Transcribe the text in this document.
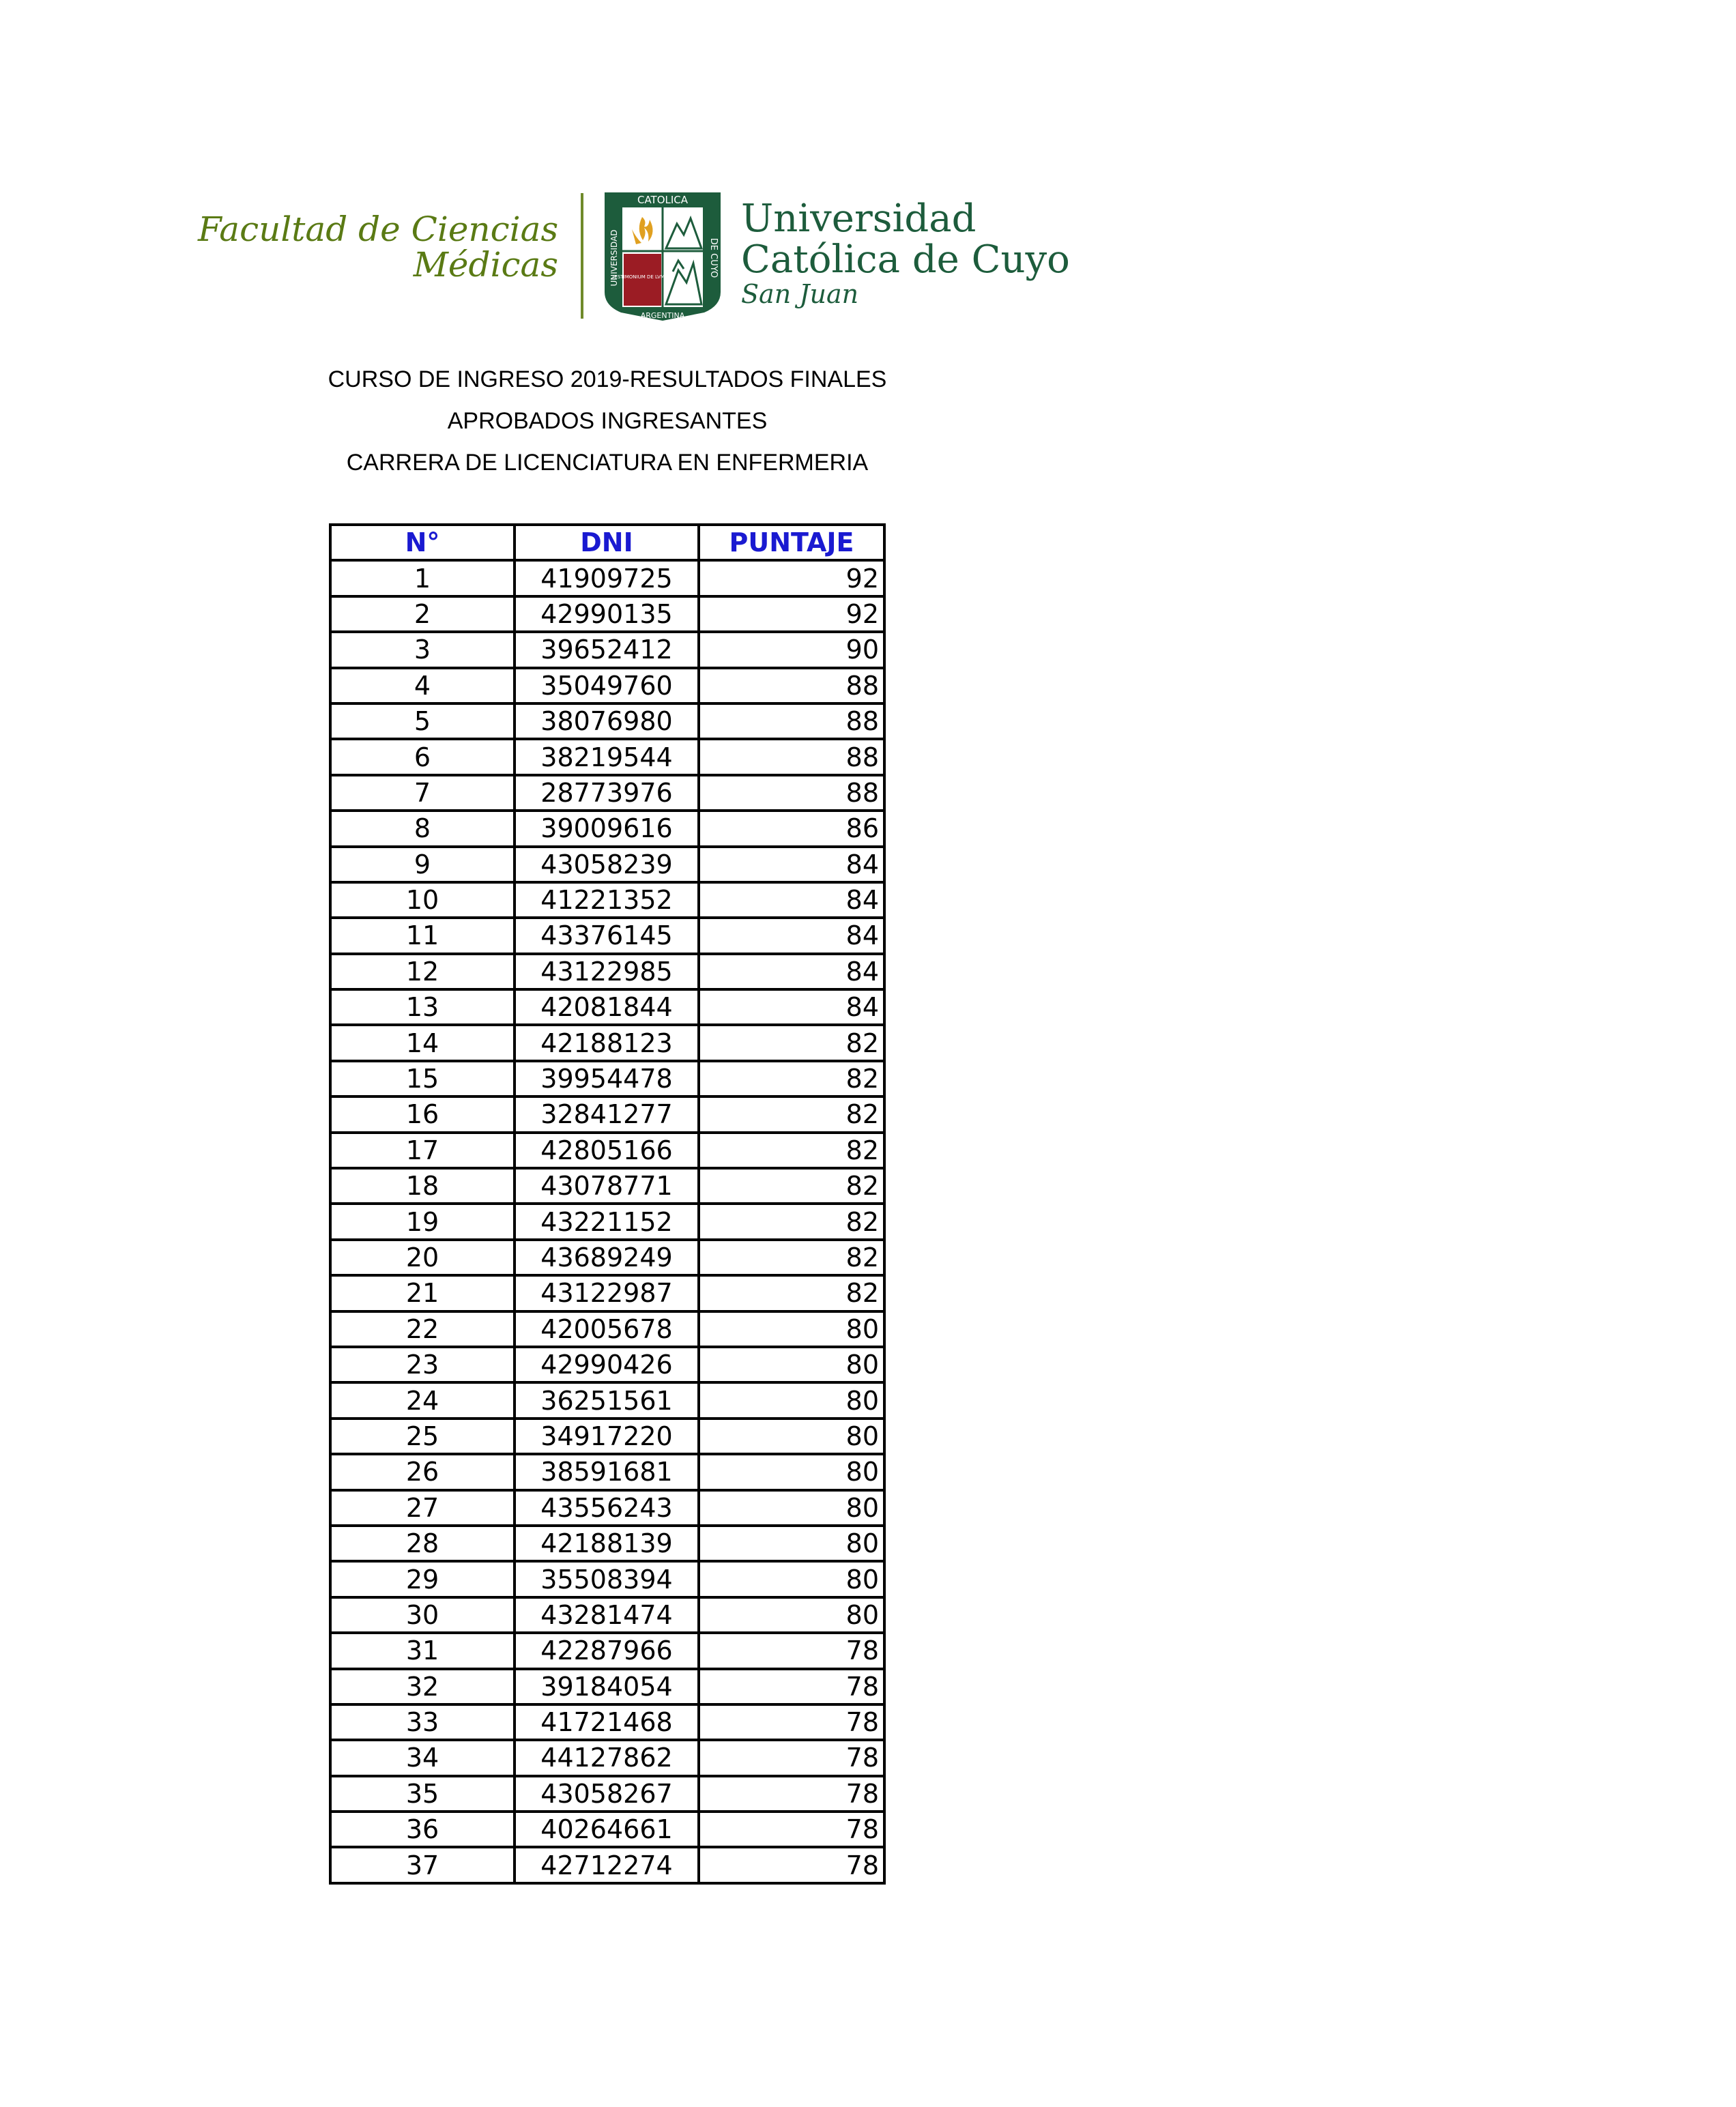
Facultad de Ciencias
Médicas	TESTIMONIUM DE LVMINE
CATOLICA
ARGENTINA
UNIVERSIDAD	DE CUYO
Universidad
Católica de Cuyo
San Juan
CURSO DE INGRESO 2019-RESULTADOS FINALES
APROBADOS INGRESANTES
CARRERA DE LICENCIATURA EN ENFERMERIA
N°	DNI	PUNTAJE
1	41909725	92
2	42990135	92
3	39652412	90
4	35049760	88
5	38076980	88
6	38219544	88
7	28773976	88
8	39009616	86
9	43058239	84
10	41221352	84
11	43376145	84
12	43122985	84
13	42081844	84
14	42188123	82
15	39954478	82
16	32841277	82
17	42805166	82
18	43078771	82
19	43221152	82
20	43689249	82
21	43122987	82
22	42005678	80
23	42990426	80
24	36251561	80
25	34917220	80
26	38591681	80
27	43556243	80
28	42188139	80
29	35508394	80
30	43281474	80
31	42287966	78
32	39184054	78
33	41721468	78
34	44127862	78
35	43058267	78
36	40264661	78
37	42712274	78
